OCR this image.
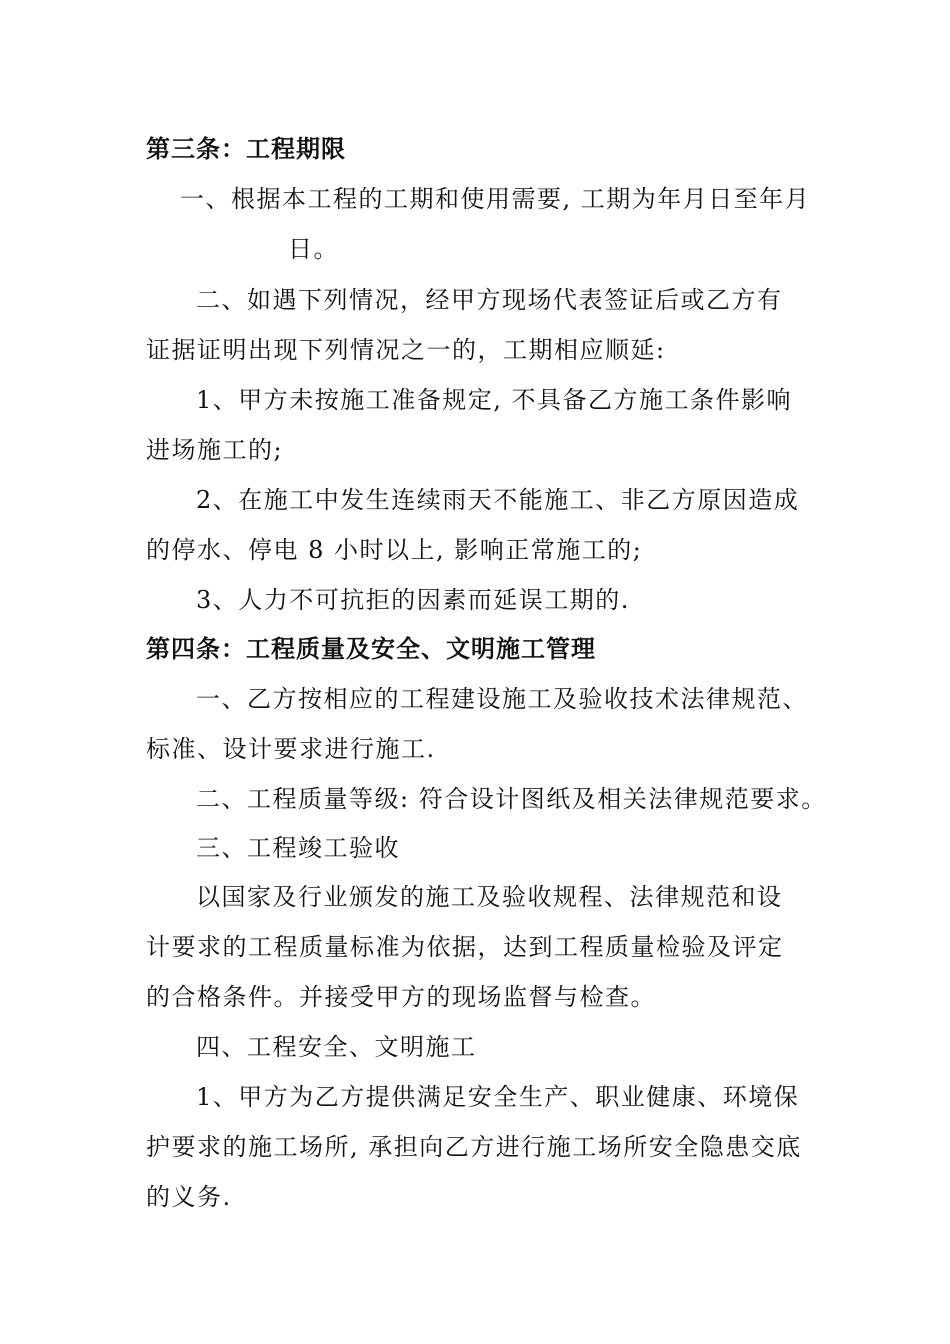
第三条：工程期限
一、根据本工程的工期和使用需要, 工期为年月日至年月
日。
二、如遇下列情况，经甲方现场代表签证后或乙方有
证据证明出现下列情况之一的，工期相应顺延:
1、甲方未按施工准备规定, 不具备乙方施工条件影响
进场施工的;
2、在施工中发生连续雨天不能施工、非乙方原因造成
的停水、停电 8 小时以上, 影响正常施工的;
3、人力不可抗拒的因素而延误工期的.
第四条：工程质量及安全、文明施工管理
一、乙方按相应的工程建设施工及验收技术法律规范、
标准、设计要求进行施工.
二、工程质量等级: 符合设计图纸及相关法律规范要求。
三、工程竣工验收
以国家及行业颁发的施工及验收规程、法律规范和设
计要求的工程质量标准为依据，达到工程质量检验及评定
的合格条件。并接受甲方的现场监督与检查。
四、工程安全、文明施工
1、甲方为乙方提供满足安全生产、职业健康、环境保
护要求的施工场所, 承担向乙方进行施工场所安全隐患交底
的义务.
